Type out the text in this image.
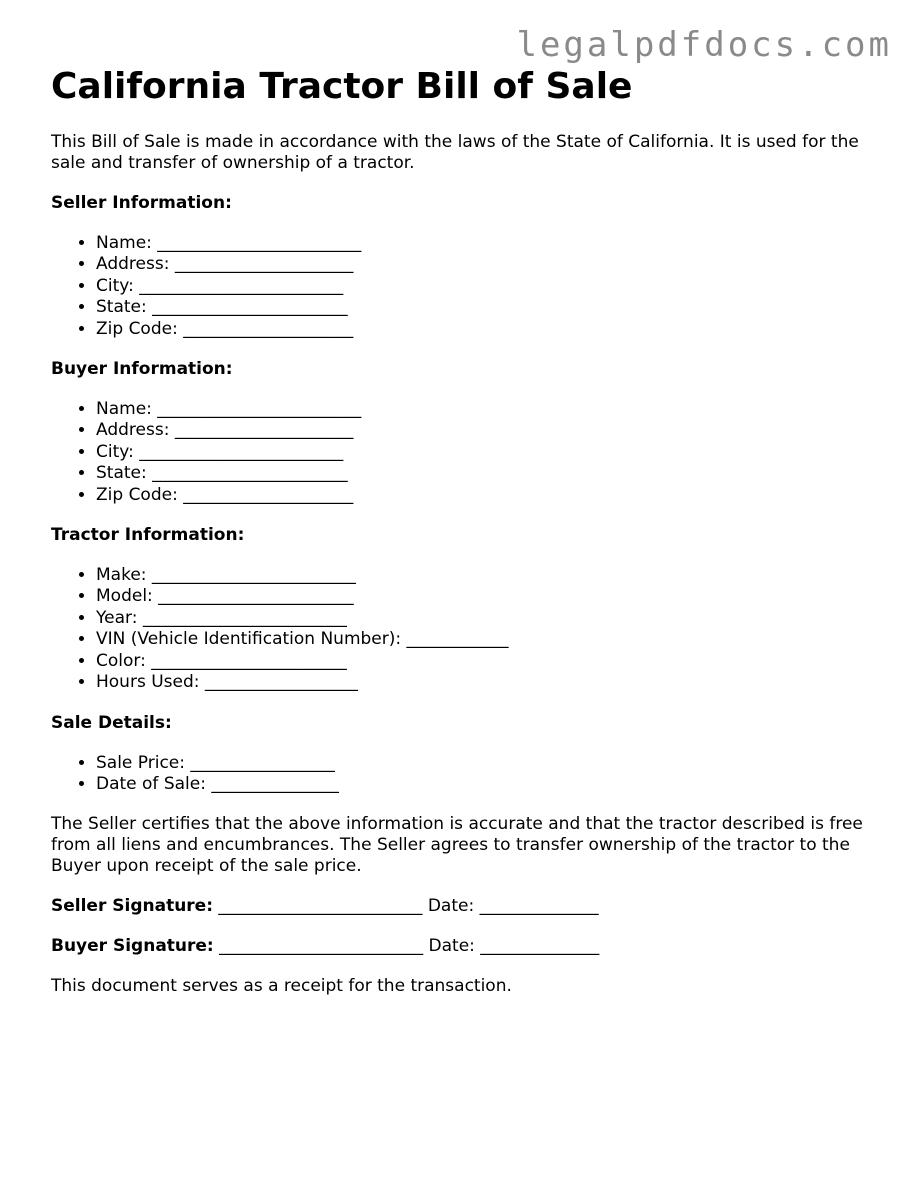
legalpdfdocs.com
California Tractor Bill of Sale

This Bill of Sale is made in accordance with the laws of the State of California. It is used for the sale and transfer of ownership of a tractor.

Seller Information:
• Name: ________________________
• Address: _____________________
• City: ________________________
• State: _______________________
• Zip Code: ____________________
Buyer Information:
• Name: ________________________
• Address: _____________________
• City: ________________________
• State: _______________________
• Zip Code: ____________________
Tractor Information:
• Make: ________________________
• Model: _______________________
• Year: ________________________
• VIN (Vehicle Identification Number): ____________
• Color: _______________________
• Hours Used: __________________
Sale Details:
• Sale Price: _________________
• Date of Sale: _______________

The Seller certifies that the above information is accurate and that the tractor described is free from all liens and encumbrances. The Seller agrees to transfer ownership of the tractor to the Buyer upon receipt of the sale price.

Seller Signature: ________________________ Date: ______________
Buyer Signature: ________________________ Date: ______________

This document serves as a receipt for the transaction.
